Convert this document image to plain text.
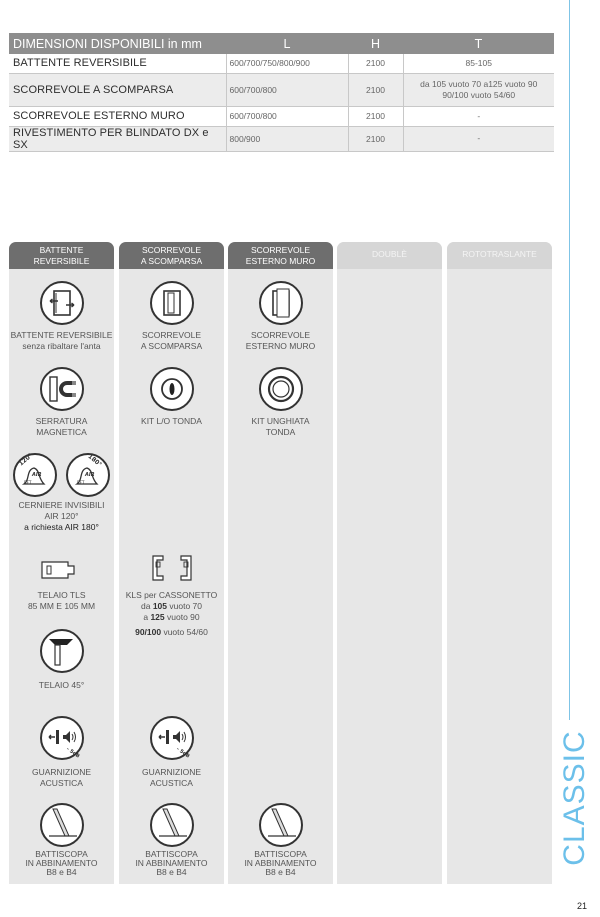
DIMENSIONI DISPONIBILI in mm	L	H	T
BATTENTE REVERSIBILE	600/700/750/800/900	2100	85-105
SCORREVOLE A SCOMPARSA	600/700/800	2100	da 105 vuoto 70 a125 vuoto 90 90/100 vuoto 54/60
SCORREVOLE ESTERNO MURO	600/700/800	2100	-
RIVESTIMENTO PER BLINDATO DX e SX	800/900	2100	-
BATTENTE
REVERSIBILE
BATTENTE REVERSIBILE
senza ribaltare l'anta
SERRATURA
MAGNETICA
AIR
RFT
120°
AIR
RFT
180°
CERNIERE INVISIBILI
AIR 120°
a richiesta AIR 180°
TELAIO TLS
85 MM E 105 MM
TELAIO 45°
- 5dB
GUARNIZIONE
ACUSTICA
BATTISCOPA
IN ABBINAMENTO
B8 e B4
SCORREVOLE
A SCOMPARSA
SCORREVOLE
A SCOMPARSA
KIT L/O TONDA
KLS per CASSONETTO
da 105 vuoto 70
a 125 vuoto 90
90/100 vuoto 54/60
- 5dB
GUARNIZIONE
ACUSTICA
BATTISCOPA
IN ABBINAMENTO
B8 e B4
SCORREVOLE
ESTERNO MURO
SCORREVOLE
ESTERNO MURO
KIT UNGHIATA
TONDA
BATTISCOPA
IN ABBINAMENTO
B8 e B4
DOUBLÈ	ROTOTRASLANTE
CLASSIC
21
